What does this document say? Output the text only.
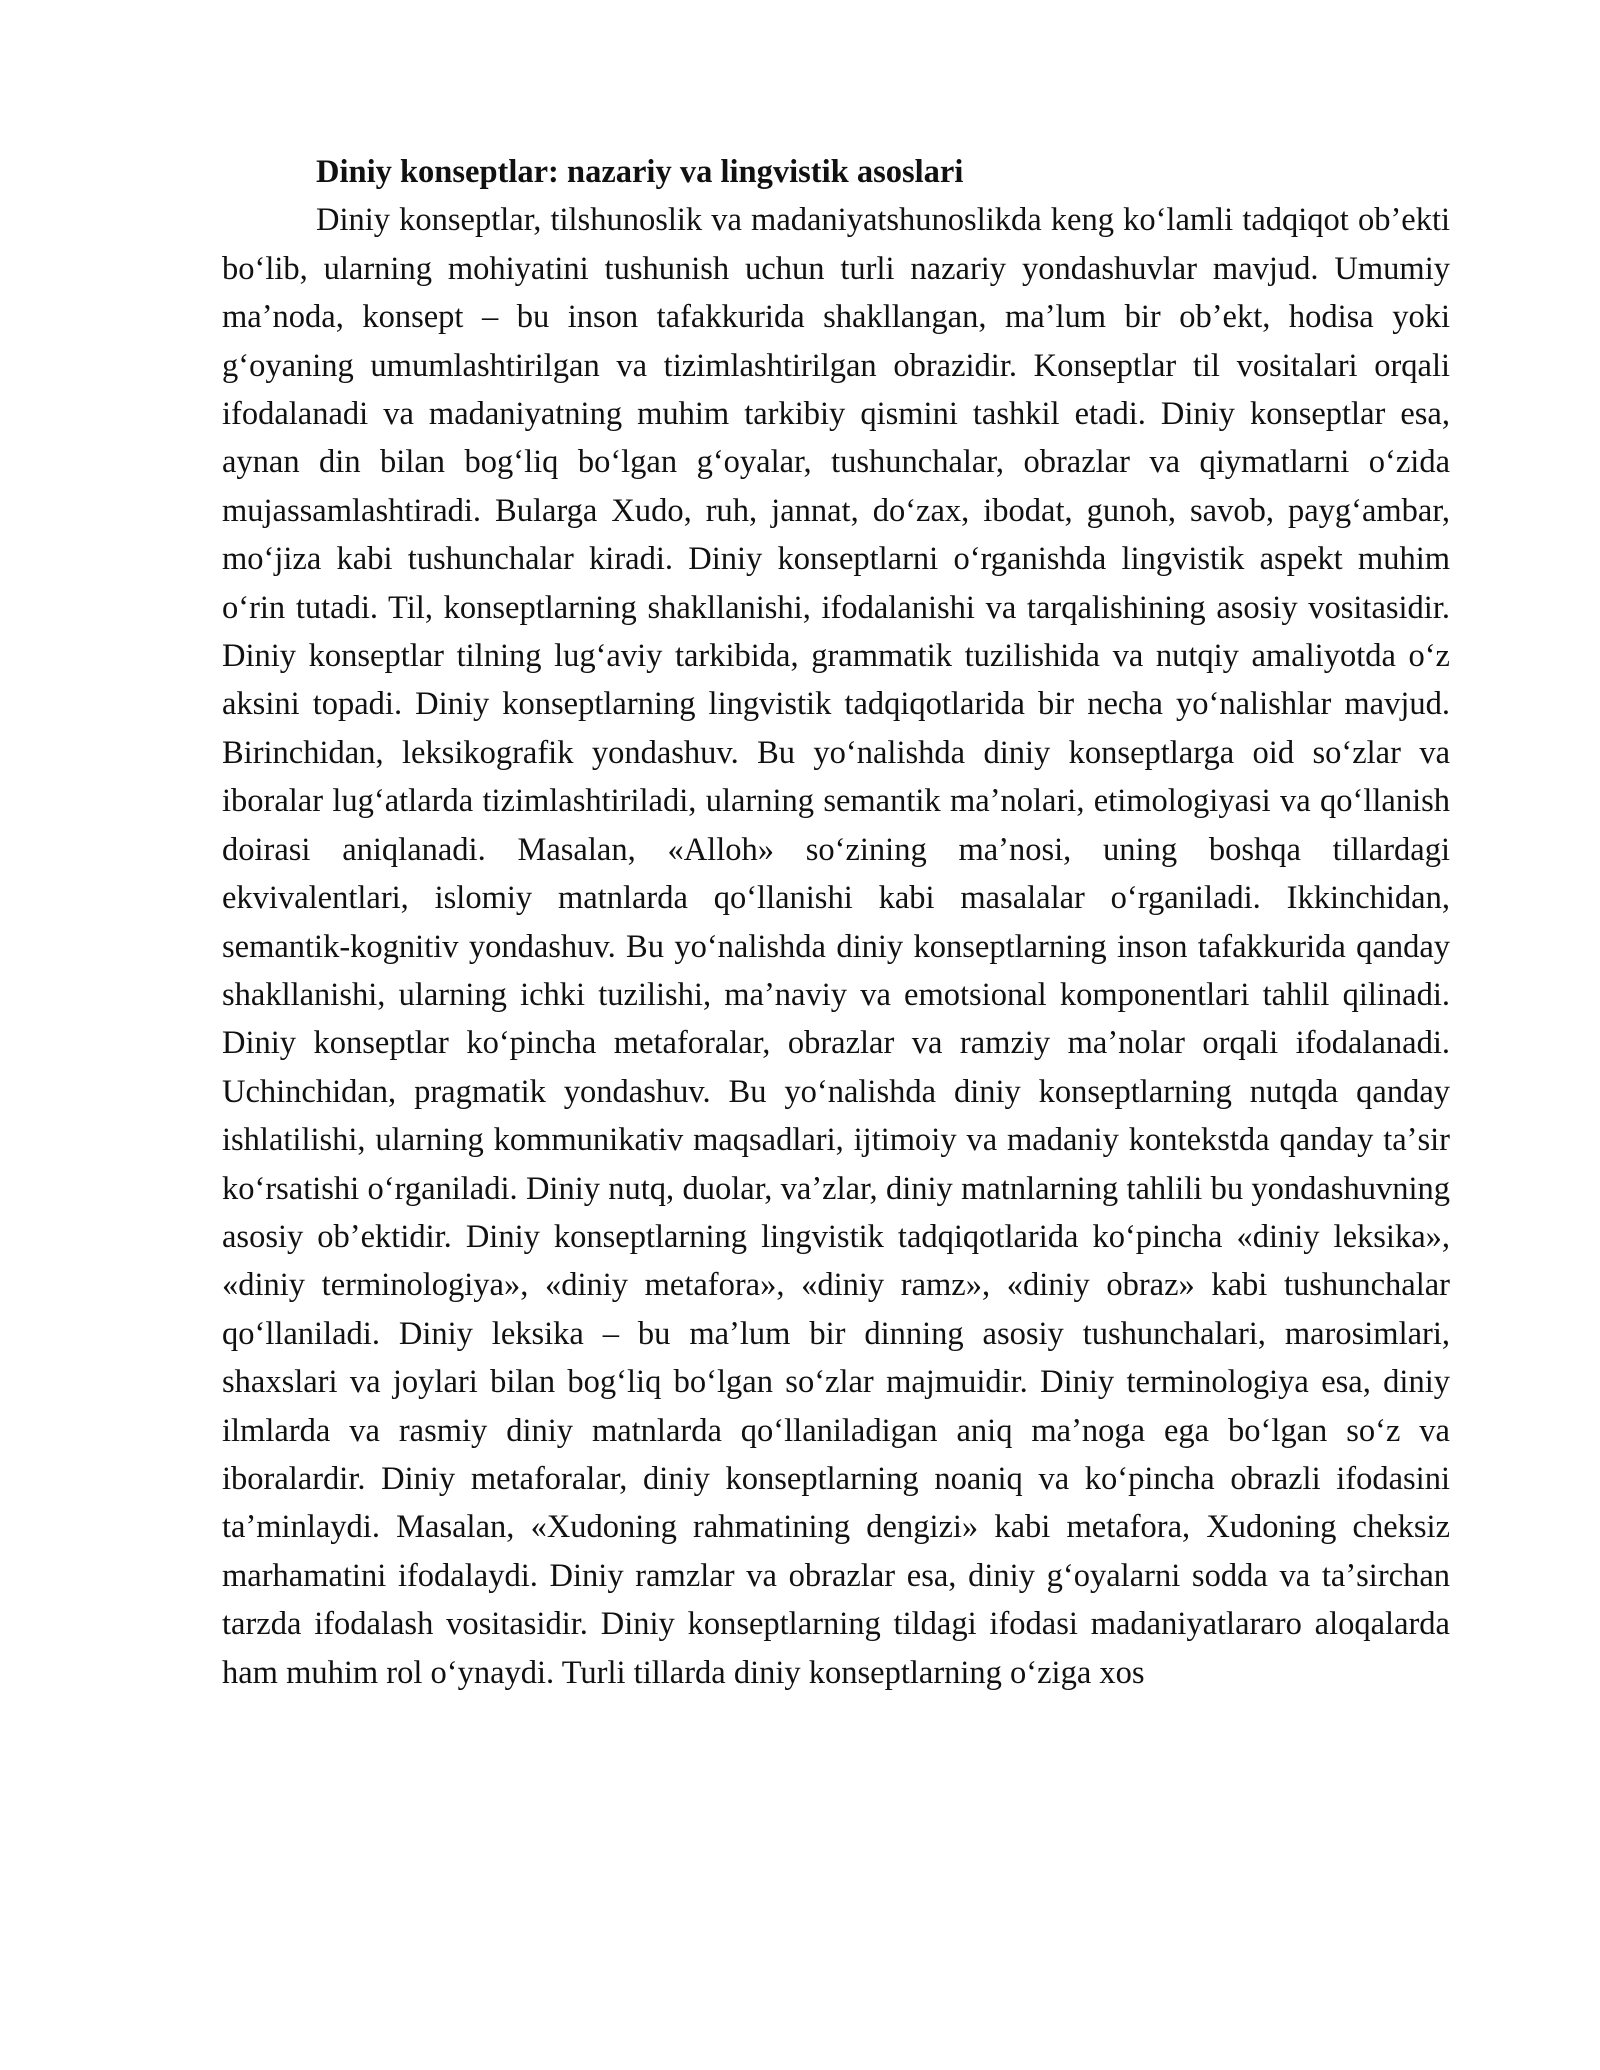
Diniy konseptlar: nazariy va lingvistik asoslari

Diniy konseptlar, tilshunoslik va madaniyatshunoslikda keng koʻlamli tadqiqot obʼekti boʻlib, ularning mohiyatini tushunish uchun turli nazariy yondashuvlar mavjud. Umumiy maʼnoda, konsept – bu inson tafakkurida shakllangan, maʼlum bir obʼekt, hodisa yoki gʻoyaning umumlashtirilgan va tizimlashtirilgan obrazidir. Konseptlar til vositalari orqali ifodalanadi va madaniyatning muhim tarkibiy qismini tashkil etadi. Diniy konseptlar esa, aynan din bilan bogʻliq boʻlgan gʻoyalar, tushunchalar, obrazlar va qiymatlarni oʻzida mujassamlashtiradi. Bularga Xudo, ruh, jannat, doʻzax, ibodat, gunoh, savob, paygʻambar, moʻjiza kabi tushunchalar kiradi. Diniy konseptlarni oʻrganishda lingvistik aspekt muhim oʻrin tutadi. Til, konseptlarning shakllanishi, ifodalanishi va tarqalishining asosiy vositasidir. Diniy konseptlar tilning lugʻaviy tarkibida, grammatik tuzilishida va nutqiy amaliyotda oʻz aksini topadi. Diniy konseptlarning lingvistik tadqiqotlarida bir necha yoʻnalishlar mavjud. Birinchidan, leksikografik yondashuv. Bu yoʻnalishda diniy konseptlarga oid soʻzlar va iboralar lugʻatlarda tizimlashtiriladi, ularning semantik maʼnolari, etimologiyasi va qoʻllanish doirasi aniqlanadi. Masalan, «Alloh» soʻzining maʼnosi, uning boshqa tillardagi ekvivalentlari, islomiy matnlarda qoʻllanishi kabi masalalar oʻrganiladi. Ikkinchidan, semantik-kognitiv yondashuv. Bu yoʻnalishda diniy konseptlarning inson tafakkurida qanday shakllanishi, ularning ichki tuzilishi, maʼnaviy va emotsional komponentlari tahlil qilinadi. Diniy konseptlar koʻpincha metaforalar, obrazlar va ramziy maʼnolar orqali ifodalanadi. Uchinchidan, pragmatik yondashuv. Bu yoʻnalishda diniy konseptlarning nutqda qanday ishlatilishi, ularning kommunikativ maqsadlari, ijtimoiy va madaniy kontekstda qanday taʼsir koʻrsatishi oʻrganiladi. Diniy nutq, duolar, vaʼzlar, diniy matnlarning tahlili bu yondashuvning asosiy obʼektidir. Diniy konseptlarning lingvistik tadqiqotlarida koʻpincha «diniy leksika», «diniy terminologiya», «diniy metafora», «diniy ramz», «diniy obraz» kabi tushunchalar qoʻllaniladi. Diniy leksika – bu maʼlum bir dinning asosiy tushunchalari, marosimlari, shaxslari va joylari bilan bogʻliq boʻlgan soʻzlar majmuidir. Diniy terminologiya esa, diniy ilmlarda va rasmiy diniy matnlarda qoʻllaniladigan aniq maʼnoga ega boʻlgan soʻz va iboralardir. Diniy metaforalar, diniy konseptlarning noaniq va koʻpincha obrazli ifodasini taʼminlaydi. Masalan, «Xudoning rahmatining dengizi» kabi metafora, Xudoning cheksiz marhamatini ifodalaydi. Diniy ramzlar va obrazlar esa, diniy gʻoyalarni sodda va taʼsirchan tarzda ifodalash vositasidir. Diniy konseptlarning tildagi ifodasi madaniyatlararo aloqalarda ham muhim rol oʻynaydi. Turli tillarda diniy konseptlarning oʻziga xos
